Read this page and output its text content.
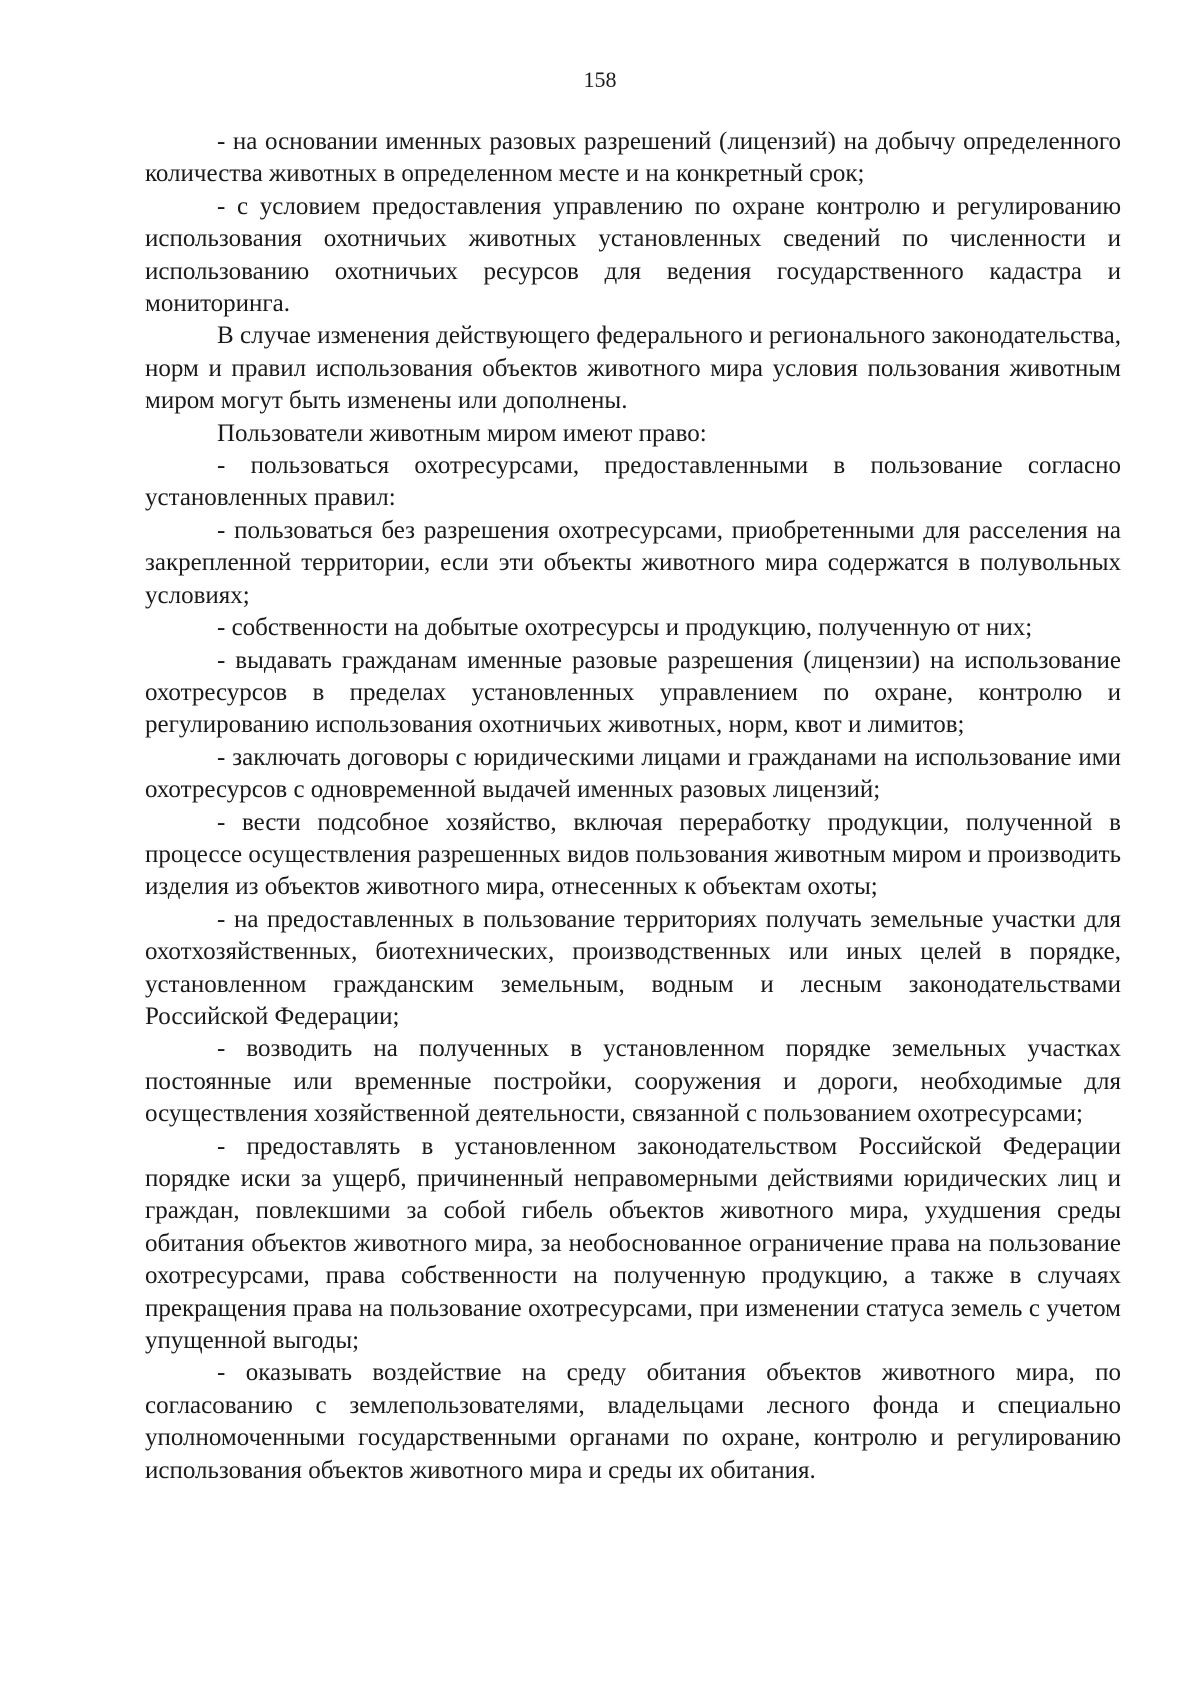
158

- на основании именных разовых разрешений (лицензий) на добычу определенного количества животных в определенном месте и на конкретный срок;

- с условием предоставления управлению по охране контролю и регулированию использования охотничьих животных установленных сведений по численности и использованию охотничьих ресурсов для ведения государственного кадастра и мониторинга.

В случае изменения действующего федерального и регионального законодательства, норм и правил использования объектов животного мира условия пользования животным миром могут быть изменены или дополнены.

Пользователи животным миром имеют право:

- пользоваться охотресурсами, предоставленными в пользование согласно установленных правил:

- пользоваться без разрешения охотресурсами, приобретенными для расселения на закрепленной территории, если эти объекты животного мира содержатся в полувольных условиях;

- собственности на добытые охотресурсы и продукцию, полученную от них;

- выдавать гражданам именные разовые разрешения (лицензии) на использование охотресурсов в пределах установленных управлением по охране, контролю и регулированию использования охотничьих животных, норм, квот и лимитов;

- заключать договоры с юридическими лицами и гражданами на использование ими охотресурсов с одновременной выдачей именных разовых лицензий;

- вести подсобное хозяйство, включая переработку продукции, полученной в процессе осуществления разрешенных видов пользования животным миром и производить изделия из объектов животного мира, отнесенных к объектам охоты;

- на предоставленных в пользование территориях получать земельные участки для охотхозяйственных, биотехнических, производственных или иных целей в порядке, установленном гражданским земельным, водным и лесным законодательствами Российской Федерации;

- возводить на полученных в установленном порядке земельных участках постоянные или временные постройки, сооружения и дороги, необходимые для осуществления хозяйственной деятельности, связанной с пользованием охотресурсами;

- предоставлять в установленном законодательством Российской Федерации порядке иски за ущерб, причиненный неправомерными действиями юридических лиц и граждан, повлекшими за собой гибель объектов животного мира, ухудшения среды обитания объектов животного мира, за необоснованное ограничение права на пользование охотресурсами, права собственности на полученную продукцию, а также в случаях прекращения права на пользование охотресурсами, при изменении статуса земель с учетом упущенной выгоды;

- оказывать воздействие на среду обитания объектов животного мира, по согласованию с землепользователями, владельцами лесного фонда и специально уполномоченными государственными органами по охране, контролю и регулированию использования объектов животного мира и среды их обитания.
